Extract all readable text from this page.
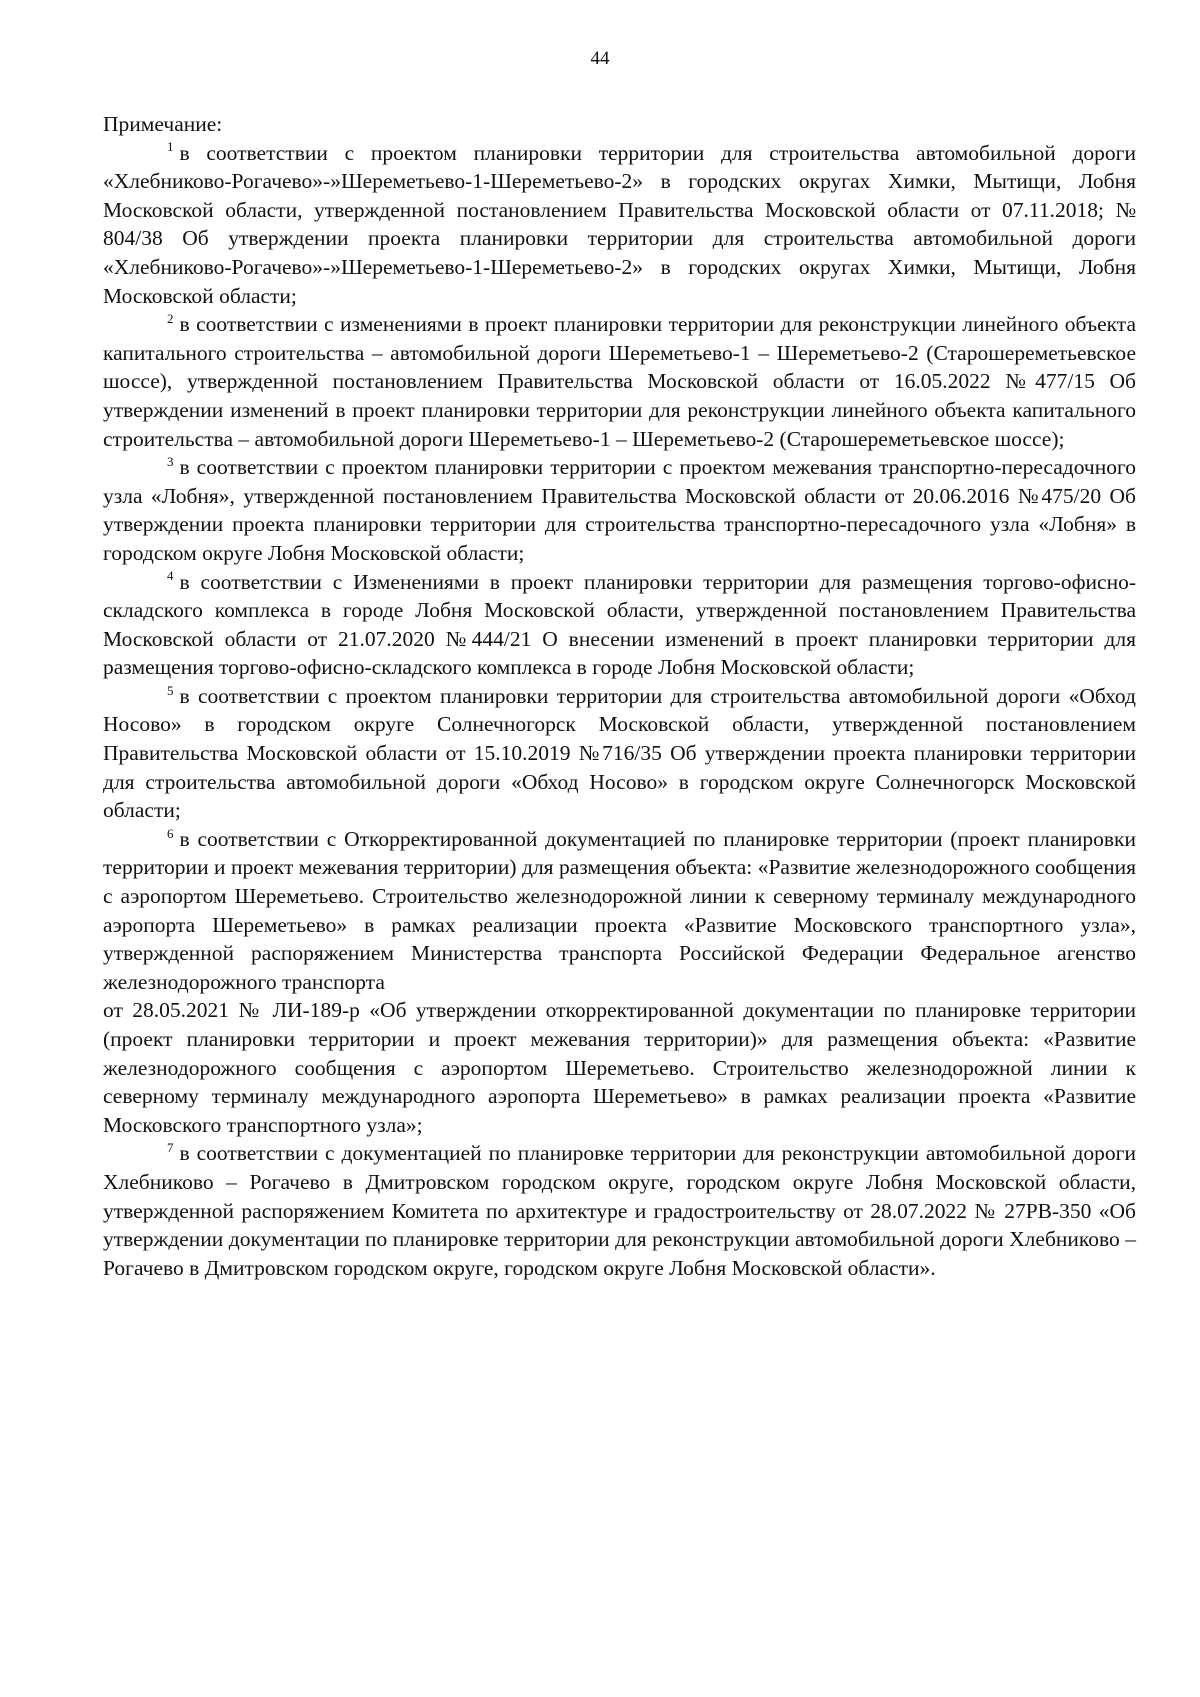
44

Примечание:

$^1$ в соответствии с проектом планировки территории для строительства автомобильной дороги «Хлебниково-Рогачево»-»Шереметьево-1-Шереметьево-2» в городских округах Химки, Мытищи, Лобня Московской области, утвержденной постановлением Правительства Московской области от 07.11.2018; № 804/38 Об утверждении проекта планировки территории для строительства автомобильной дороги «Хлебниково-Рогачево»-»Шереметьево-1-Шереметьево-2» в городских округах Химки, Мытищи, Лобня Московской области;

$^2$ в соответствии с изменениями в проект планировки территории для реконструкции линейного объекта капитального строительства – автомобильной дороги Шереметьево-1 – Шереметьево-2 (Старошереметьевское шоссе), утвержденной постановлением Правительства Московской области от 16.05.2022 №477/15 Об утверждении изменений в проект планировки территории для реконструкции линейного объекта капитального строительства – автомобильной дороги Шереметьево-1 – Шереметьево-2 (Старошереметьевское шоссе);

$^3$ в соответствии с проектом планировки территории с проектом межевания транспортно-пересадочного узла «Лобня», утвержденной постановлением Правительства Московской области от 20.06.2016 №475/20 Об утверждении проекта планировки территории для строительства транспортно-пересадочного узла «Лобня» в городском округе Лобня Московской области;

$^4$ в соответствии с Изменениями в проект планировки территории для размещения торгово-офисно-складского комплекса в городе Лобня Московской области, утвержденной постановлением Правительства Московской области от 21.07.2020 №444/21 О внесении изменений в проект планировки территории для размещения торгово-офисно-складского комплекса в городе Лобня Московской области;

$^5$ в соответствии с проектом планировки территории для строительства автомобильной дороги «Обход Носово» в городском округе Солнечногорск Московской области, утвержденной постановлением Правительства Московской области от 15.10.2019 №716/35 Об утверждении проекта планировки территории для строительства автомобильной дороги «Обход Носово» в городском округе Солнечногорск Московской области;

$^6$ в соответствии с Откорректированной документацией по планировке территории (проект планировки территории и проект межевания территории) для размещения объекта: «Развитие железнодорожного сообщения с аэропортом Шереметьево. Строительство железнодорожной линии к северному терминалу международного аэропорта Шереметьево» в рамках реализации проекта «Развитие Московского транспортного узла», утвержденной распоряжением Министерства транспорта Российской Федерации Федеральное агенство железнодорожного транспорта

от 28.05.2021 № ЛИ-189-р «Об утверждении откорректированной документации по планировке территории (проект планировки территории и проект межевания территории)» для размещения объекта: «Развитие железнодорожного сообщения с аэропортом Шереметьево. Строительство железнодорожной линии к северному терминалу международного аэропорта Шереметьево» в рамках реализации проекта «Развитие Московского транспортного узла»;

$^7$ в соответствии с документацией по планировке территории для реконструкции автомобильной дороги Хлебниково – Рогачево в Дмитровском городском округе, городском округе Лобня Московской области, утвержденной распоряжением Комитета по архитектуре и градостроительству от 28.07.2022 № 27РВ-350 «Об утверждении документации по планировке территории для реконструкции автомобильной дороги Хлебниково – Рогачево в Дмитровском городском округе, городском округе Лобня Московской области».
